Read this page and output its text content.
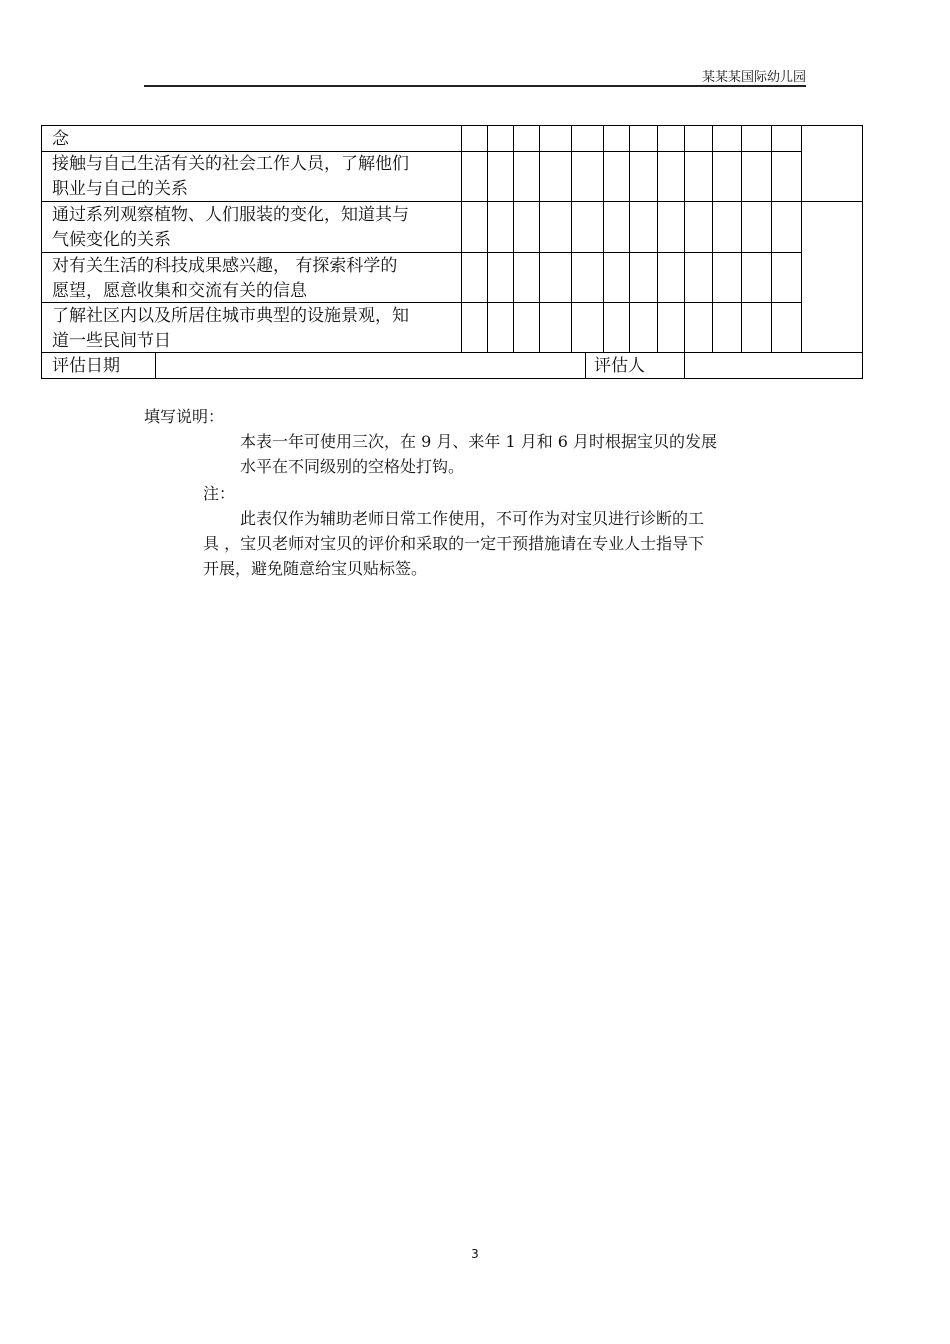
某某某国际幼儿园
念
接触与自己生活有关的社会工作人员，了解他们
职业与自己的关系
通过系列观察植物、人们服装的变化，知道其与
气候变化的关系
对有关生活的科技成果感兴趣， 有探索科学的
愿望，愿意收集和交流有关的信息
了解社区内以及所居住城市典型的设施景观，知
道一些民间节日
评估日期	评估人
填写说明：
本表一年可使用三次，在 9 月、来年 1 月和 6 月时根据宝贝的发展
水平在不同级别的空格处打钩。
注：
此表仅作为辅助老师日常工作使用，不可作为对宝贝进行诊断的工
具 ，宝贝老师对宝贝的评价和采取的一定干预措施请在专业人士指导下
开展，避免随意给宝贝贴标签。
3
